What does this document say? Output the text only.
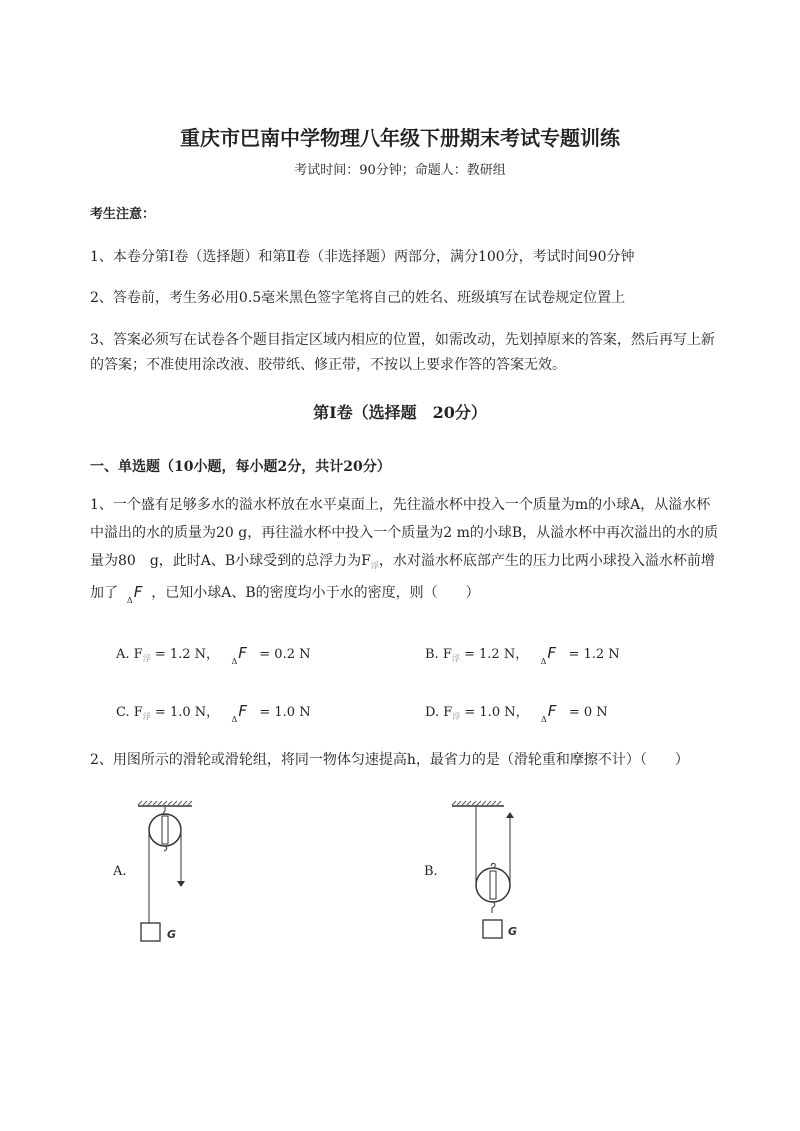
重庆市巴南中学物理八年级下册期末考试专题训练
考试时间：90分钟；命题人：教研组
考生注意：
1、本卷分第Ⅰ卷（选择题）和第Ⅱ卷（非选择题）两部分，满分100分，考试时间90分钟
2、答卷前，考生务必用0.5毫米黑色签字笔将自己的姓名、班级填写在试卷规定位置上
3、答案必须写在试卷各个题目指定区域内相应的位置，如需改动，先划掉原来的答案，然后再写上新
的答案；不准使用涂改液、胶带纸、修正带，不按以上要求作答的答案无效。
第Ⅰ卷（选择题　20分）
一、单选题（10小题，每小题2分，共计20分）
1、一个盛有足够多水的溢水杯放在水平桌面上，先往溢水杯中投入一个质量为m的小球A，从溢水杯
中溢出的水的质量为20 g，再往溢水杯中投入一个质量为2 m的小球B，从溢水杯中再次溢出的水的质
量为80　g，此时A、B小球受到的总浮力为$F_浮$ ，水对溢水杯底部产生的压力比两小球投入溢水杯前增
加了 $_\Delta$F ，已知小球A、B的密度均小于水的密度，则（　　）
A. $F_浮 = 1.2$ N， $_\Delta$F = 0.2 N	B. $F_浮 = 1.2$ N， $_\Delta$F = 1.2 N
C. $F_浮 = 1.0$ N， $_\Delta$F = 1.0 N	D. $F_浮 = 1.0$ N， $_\Delta$F = 0 N
2、用图所示的滑轮或滑轮组，将同一物体匀速提高h，最省力的是（滑轮重和摩擦不计）（　　）
A.
G
B.
G
